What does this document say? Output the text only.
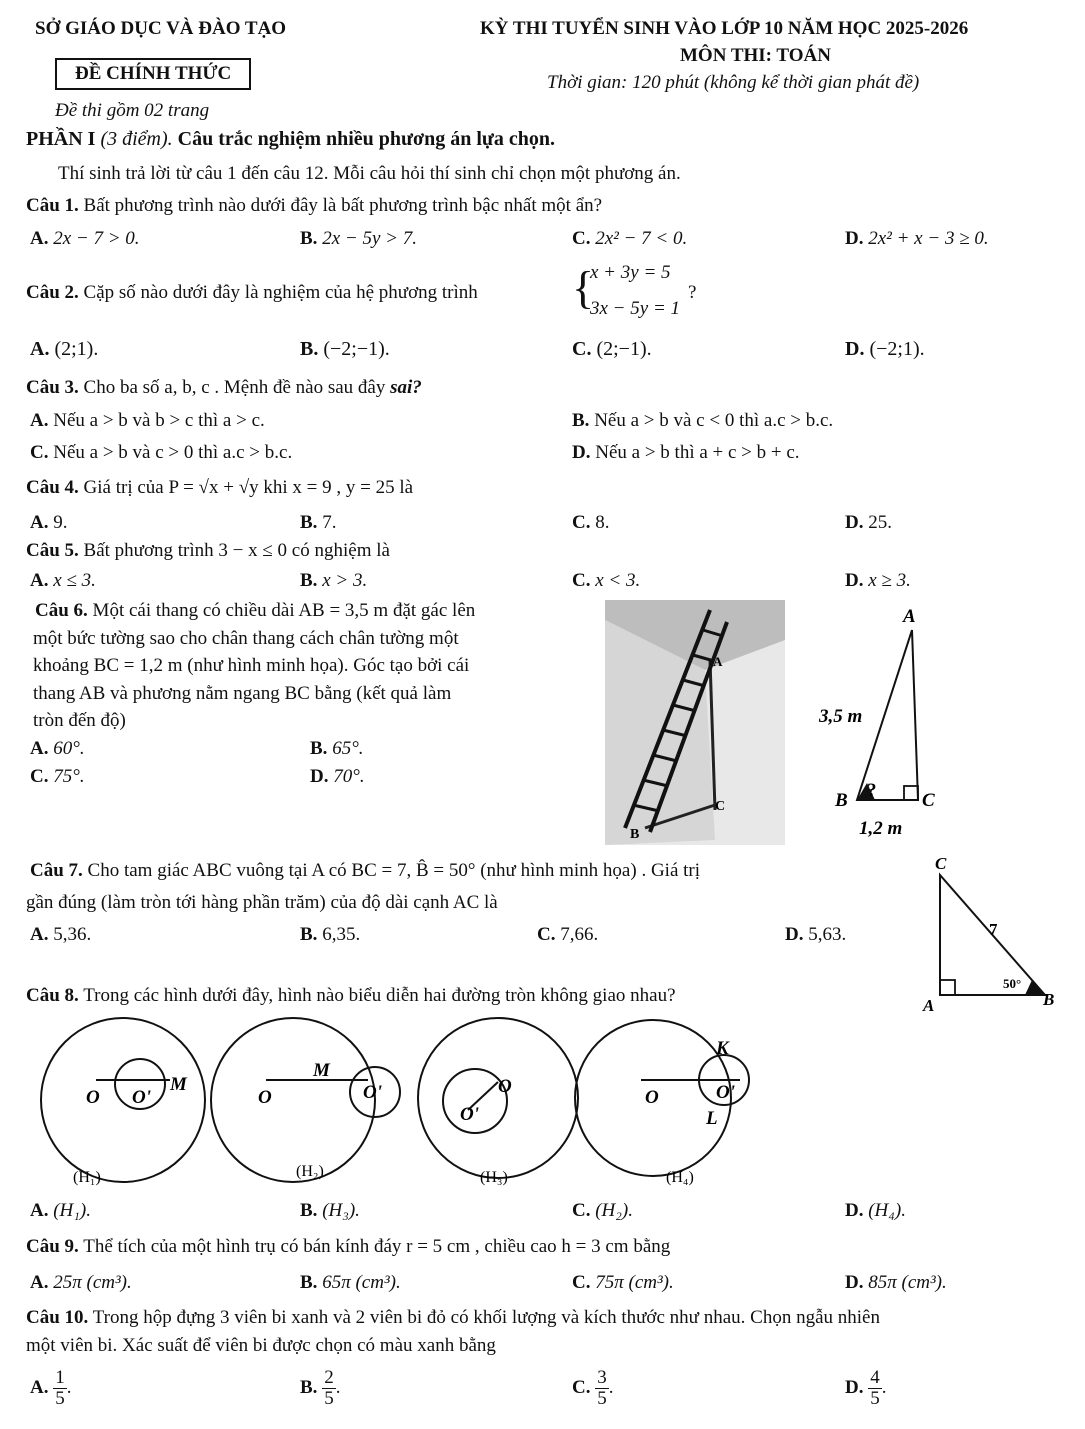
SỞ GIÁO DỤC VÀ ĐÀO TẠO
ĐỀ CHÍNH THỨC
Đề thi gồm 02 trang
KỲ THI TUYỂN SINH VÀO LỚP 10 NĂM HỌC 2025-2026
MÔN THI: TOÁN
Thời gian: 120 phút (không kể thời gian phát đề)
PHẦN I (3 điểm). Câu trắc nghiệm nhiều phương án lựa chọn.
Thí sinh trả lời từ câu 1 đến câu 12. Mỗi câu hỏi thí sinh chỉ chọn một phương án.
Câu 1. Bất phương trình nào dưới đây là bất phương trình bậc nhất một ẩn?
A. 2x − 7 > 0.	B. 2x − 5y > 7.	C. 2x² − 7 < 0.	D. 2x² + x − 3 ≥ 0.
Câu 2. Cặp số nào dưới đây là nghiệm của hệ phương trình {
x + 3y = 5
3x − 5y = 1
?
A. (2;1).	B. (−2;−1).	C. (2;−1).	D. (−2;1).
Câu 3. Cho ba số a, b, c . Mệnh đề nào sau đây sai?
A. Nếu a > b và b > c thì a > c.	B. Nếu a > b và c < 0 thì a.c > b.c.
C. Nếu a > b và c > 0 thì a.c > b.c.	D. Nếu a > b thì a + c > b + c.
Câu 4. Giá trị của P = √x + √y khi x = 9 , y = 25 là
A. 9.	B. 7.	C. 8.	D. 25.
Câu 5. Bất phương trình 3 − x ≤ 0 có nghiệm là
A. x ≤ 3.	B. x > 3.	C. x < 3.	D. x ≥ 3.
Câu 6. Một cái thang có chiều dài AB = 3,5 m đặt gác lên
một bức tường sao cho chân thang cách chân tường một
khoảng BC = 1,2 m (như hình minh họa). Góc tạo bởi cái
thang AB và phương nằm ngang BC bằng (kết quả làm
tròn đến độ)
A. 60°.	B. 65°.
C. 75°.	D. 70°.
B
C
A
A
B	C
3,5 m
1,2 m
?
Câu 7. Cho tam giác ABC vuông tại A có BC = 7, B̂ = 50° (như hình minh họa) . Giá trị
gần đúng (làm tròn tới hàng phần trăm) của độ dài cạnh AC là
A. 5,36.	B. 6,35.	C. 7,66.	D. 5,63.
C
A	B
7
50°
Câu 8. Trong các hình dưới đây, hình nào biểu diễn hai đường tròn không giao nhau?
O O'
M
O
M
O'	O
O'
O
K
O'
L
(H₁)	(H₂)	(H₃)	(H₄)
A. (H₁).	B. (H₃).	C. (H₂).	D. (H₄).
Câu 9. Thể tích của một hình trụ có bán kính đáy r = 5 cm , chiều cao h = 3 cm bằng
A. 25π (cm³).	B. 65π (cm³).	C. 75π (cm³).	D. 85π (cm³).
Câu 10. Trong hộp đựng 3 viên bi xanh và 2 viên bi đỏ có khối lượng và kích thước như nhau. Chọn ngẫu nhiên
một viên bi. Xác suất để viên bi được chọn có màu xanh bằng
A. $\frac{1}{5}$ .	B. $\frac{2}{5}$ .	C. $\frac{3}{5}$ .	D. $\frac{4}{5}$ .
